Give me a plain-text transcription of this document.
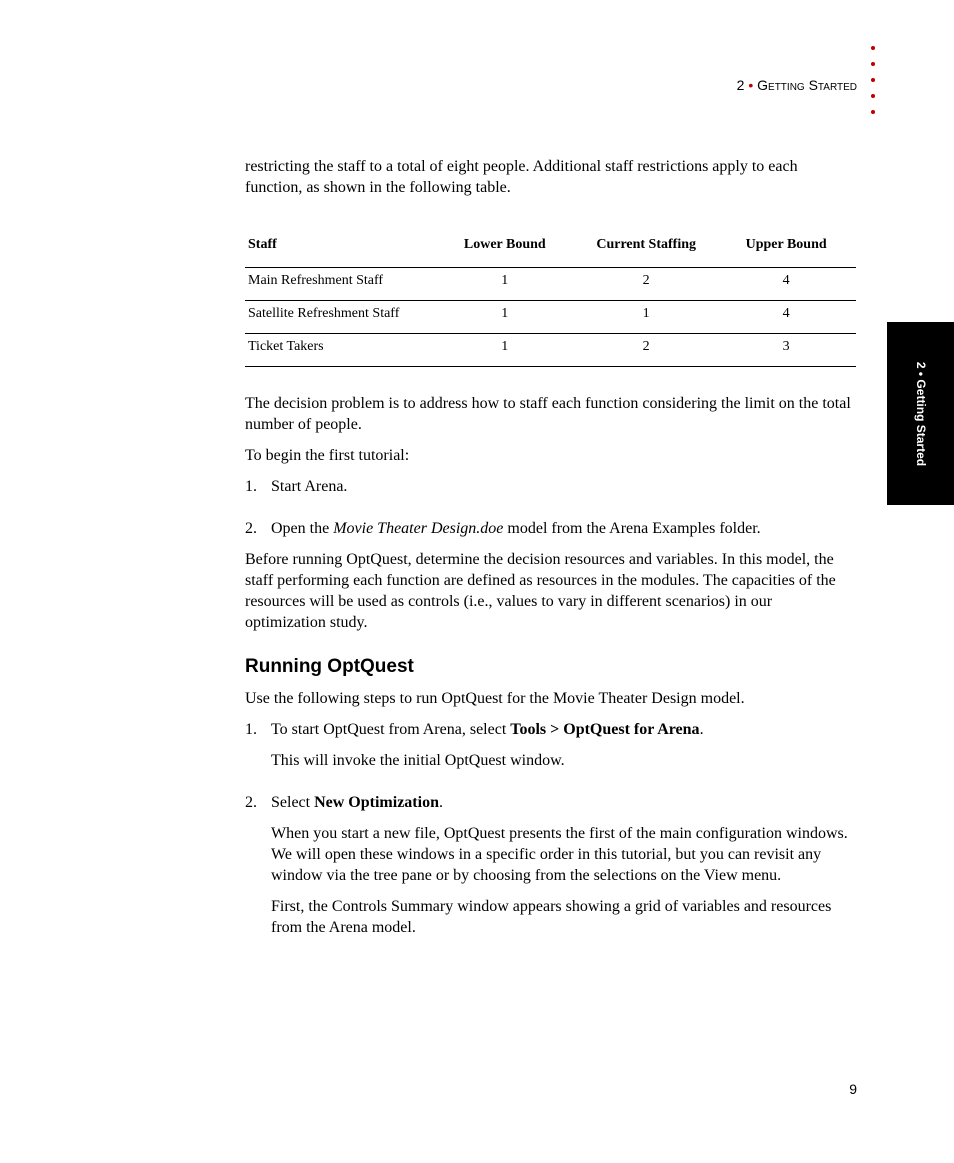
2 • Getting Started
2 • Getting Started

restricting the staff to a total of eight people. Additional staff restrictions apply to each function, as shown in the following table.

Staff	Lower Bound	Current Staffing	Upper Bound
Main Refreshment Staff	1	2	4
Satellite Refreshment Staff	1	1	4
Ticket Takers	1	2	3

The decision problem is to address how to staff each function considering the limit on the total number of people.

To begin the first tutorial:

1. Start Arena.
2. Open the Movie Theater Design.doe model from the Arena Examples folder.

Before running OptQuest, determine the decision resources and variables. In this model, the staff performing each function are defined as resources in the modules. The capacities of the resources will be used as controls (i.e., values to vary in different scenarios) in our optimization study.

Running OptQuest

Use the following steps to run OptQuest for the Movie Theater Design model.

1. To start OptQuest from Arena, select Tools > OptQuest for Arena.

This will invoke the initial OptQuest window.

2. Select New Optimization.

When you start a new file, OptQuest presents the first of the main configuration windows. We will open these windows in a specific order in this tutorial, but you can revisit any window via the tree pane or by choosing from the selections on the View menu.

First, the Controls Summary window appears showing a grid of variables and resources from the Arena model.

9
